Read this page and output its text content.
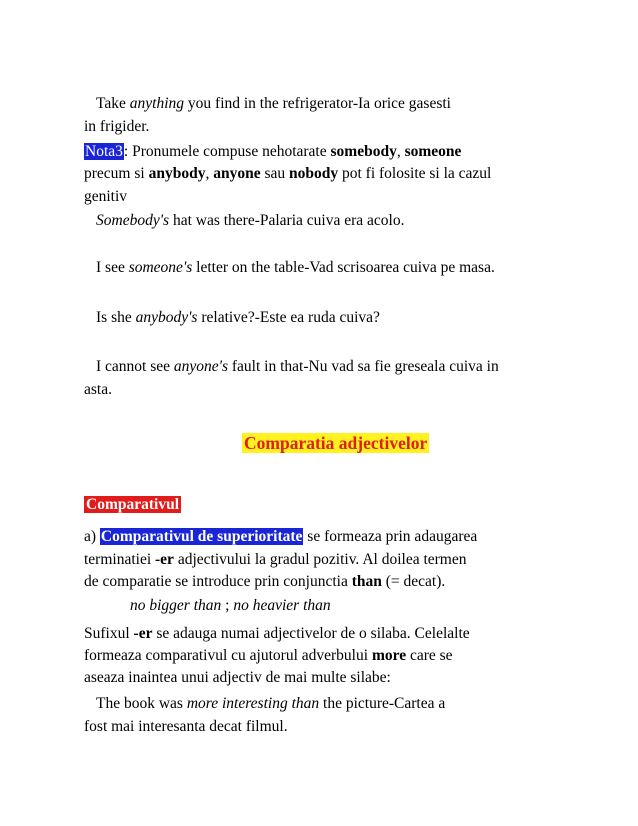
Take anything you find in the refrigerator-Ia orice gasesti
in frigider.
Nota3: Pronumele compuse nehotarate somebody, someone
precum si anybody, anyone sau nobody pot fi folosite si la cazul
genitiv
Somebody's hat was there-Palaria cuiva era acolo.
I see someone's letter on the table-Vad scrisoarea cuiva pe masa.
Is she anybody's relative?-Este ea ruda cuiva?
I cannot see anyone's fault in that-Nu vad sa fie greseala cuiva in
asta.
Comparatia adjectivelor
Comparativul
a) Comparativul de superioritate se formeaza prin adaugarea
terminatiei -er adjectivului la gradul pozitiv. Al doilea termen
de comparatie se introduce prin conjunctia than (= decat).
no bigger than ; no heavier than
Sufixul -er se adauga numai adjectivelor de o silaba. Celelalte
formeaza comparativul cu ajutorul adverbului more care se
aseaza inaintea unui adjectiv de mai multe silabe:
The book was more interesting than the picture-Cartea a
fost mai interesanta decat filmul.
